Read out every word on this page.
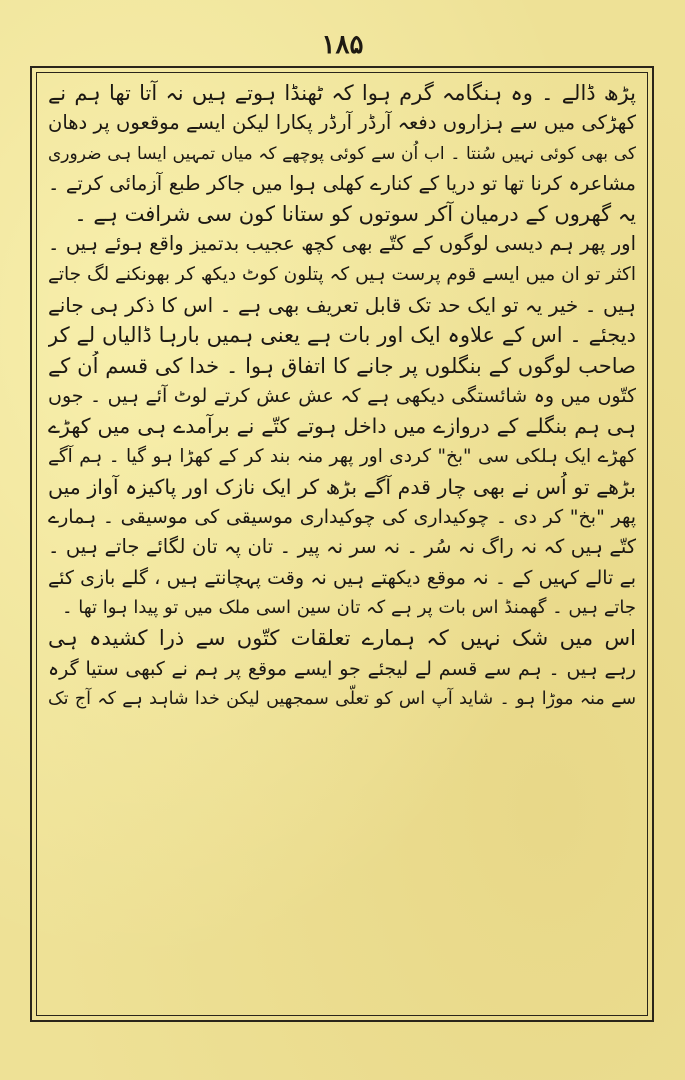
۱۸۵
پڑھ ڈالے ۔ وہ ہنگامہ گرم ہوا کہ ٹھنڈا ہوتے ہیں نہ آتا تھا ہم نے
کھڑکی میں سے ہزاروں دفعہ آرڈر آرڈر پکارا لیکن ایسے موقعوں پر دھان
کی بھی کوئی نہیں سُنتا ۔ اب اُن سے کوئی پوچھے کہ میاں تمہیں ایسا ہی ضروری
مشاعرہ کرنا تھا تو دریا کے کنارے کھلی ہوا میں جاکر طبع آزمائی کرتے ۔
یہ گھروں کے درمیان آکر سوتوں کو ستانا کون سی شرافت ہے ۔
اور پھر ہم دیسی لوگوں کے کتّے بھی کچھ عجیب بدتمیز واقع ہوئے ہیں ۔
اکثر تو ان میں ایسے قوم پرست ہیں کہ پتلون کوٹ دیکھ کر بھونکنے لگ جاتے
ہیں ۔ خیر یہ تو ایک حد تک قابل تعریف بھی ہے ۔ اس کا ذکر ہی جانے
دیجئے ۔ اس کے علاوہ ایک اور بات ہے یعنی ہمیں بارہا ڈالیاں لے کر
صاحب لوگوں کے بنگلوں پر جانے کا اتفاق ہوا ۔ خدا کی قسم اُن کے
کتّوں میں وہ شائستگی دیکھی ہے کہ عش عش کرتے لوٹ آئے ہیں ۔ جوں
ہی ہم بنگلے کے دروازے میں داخل ہوتے کتّے نے برآمدے ہی میں کھڑے
کھڑے ایک ہلکی سی "بخ" کردی اور پھر منہ بند کر کے کھڑا ہو گیا ۔ ہم آگے
بڑھے تو اُس نے بھی چار قدم آگے بڑھ کر ایک نازک اور پاکیزہ آواز میں
پھر "بخ" کر دی ۔ چوکیداری کی چوکیداری موسیقی کی موسیقی ۔ ہمارے
کتّے ہیں کہ نہ راگ نہ سُر ۔ نہ سر نہ پیر ۔ تان پہ تان لگائے جاتے ہیں ۔
بے تالے کہیں کے ۔ نہ موقع دیکھتے ہیں نہ وقت پہچانتے ہیں ، گلے بازی کئے
جاتے ہیں ۔ گھمنڈ اس بات پر ہے کہ تان سین اسی ملک میں تو پیدا ہوا تھا ۔
اس میں شک نہیں کہ ہمارے تعلقات کتّوں سے ذرا کشیدہ ہی
رہے ہیں ۔ ہم سے قسم لے لیجئے جو ایسے موقع پر ہم نے کبھی ستیا گرہ
سے منہ موڑا ہو ۔ شاید آپ اس کو تعلّی سمجھیں لیکن خدا شاہد ہے کہ آج تک
